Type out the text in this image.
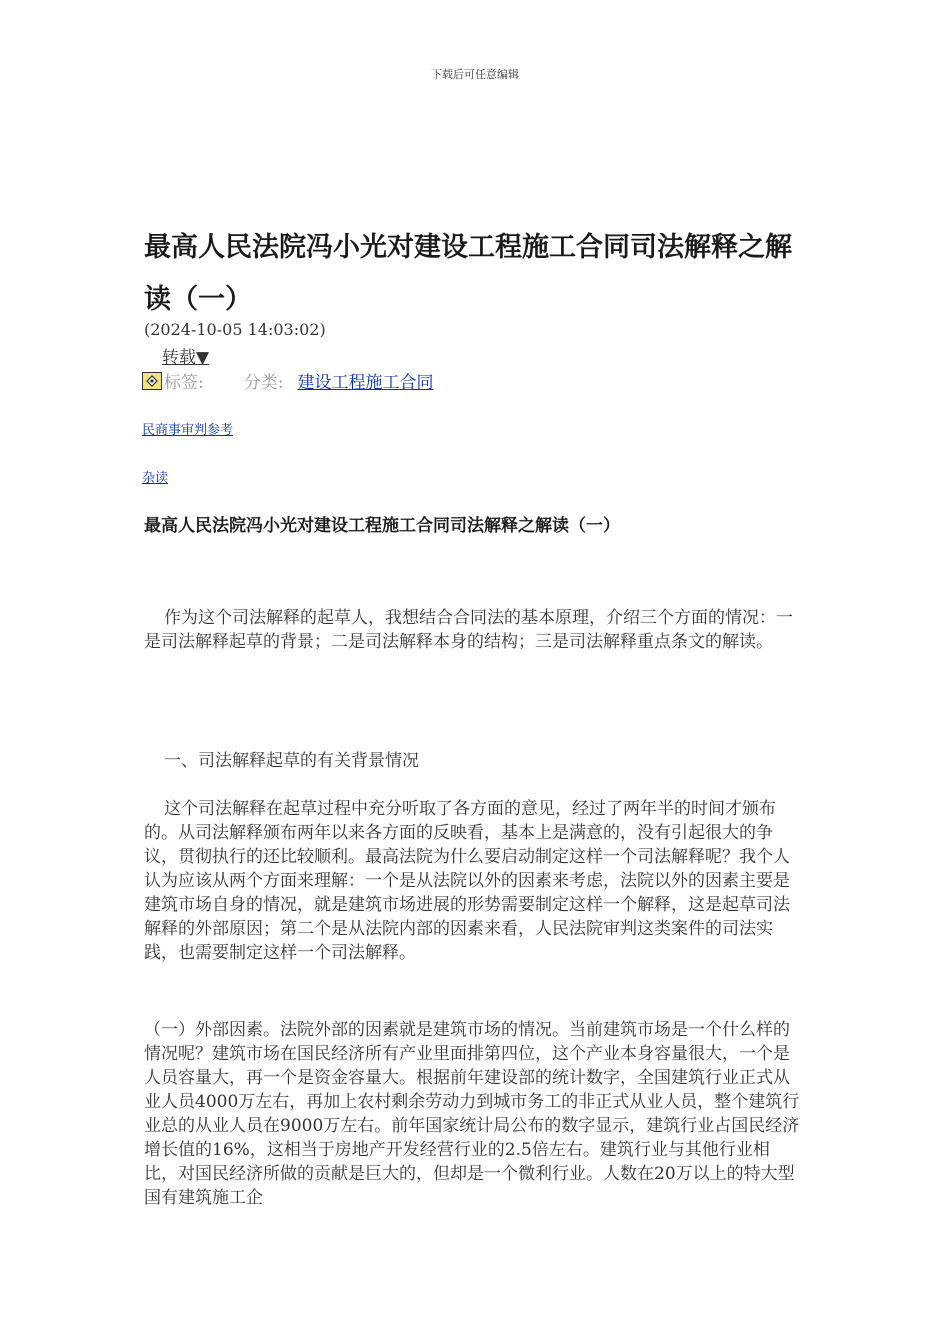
下载后可任意编辑
最高人民法院冯小光对建设工程施工合同司法解释之解读（一）
(2024-10-05 14:03:02)
转载▼
标签: 分类: 建设工程施工合同
民商事审判参考
杂读
最高人民法院冯小光对建设工程施工合同司法解释之解读（一）

作为这个司法解释的起草人，我想结合合同法的基本原理，介绍三个方面的情况：一是司法解释起草的背景；二是司法解释本身的结构；三是司法解释重点条文的解读。

一、司法解释起草的有关背景情况

这个司法解释在起草过程中充分听取了各方面的意见，经过了两年半的时间才颁布的。从司法解释颁布两年以来各方面的反映看，基本上是满意的，没有引起很大的争议，贯彻执行的还比较顺利。最高法院为什么要启动制定这样一个司法解释呢？我个人认为应该从两个方面来理解：一个是从法院以外的因素来考虑，法院以外的因素主要是建筑市场自身的情况，就是建筑市场进展的形势需要制定这样一个解释，这是起草司法解释的外部原因；第二个是从法院内部的因素来看，人民法院审判这类案件的司法实践，也需要制定这样一个司法解释。

（一）外部因素。法院外部的因素就是建筑市场的情况。当前建筑市场是一个什么样的情况呢？建筑市场在国民经济所有产业里面排第四位，这个产业本身容量很大，一个是人员容量大，再一个是资金容量大。根据前年建设部的统计数字，全国建筑行业正式从业人员4000万左右，再加上农村剩余劳动力到城市务工的非正式从业人员，整个建筑行业总的从业人员在9000万左右。前年国家统计局公布的数字显示，建筑行业占国民经济增长值的16%，这相当于房地产开发经营行业的2.5倍左右。建筑行业与其他行业相比，对国民经济所做的贡献是巨大的，但却是一个微利行业。人数在20万以上的特大型国有建筑施工企
